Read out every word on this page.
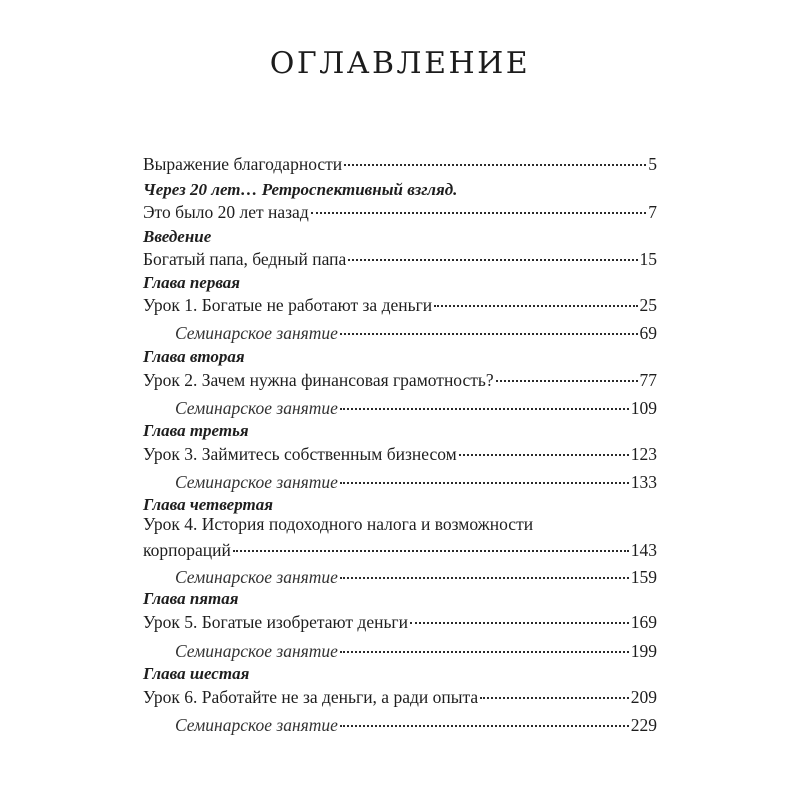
ОГЛАВЛЕНИЕ
Выражение благодарности	5
Через 20 лет… Ретроспективный взгляд.
Это было 20 лет назад	7
Введение
Богатый папа, бедный папа	15
Глава первая
Урок 1. Богатые не работают за деньги	25
Семинарское занятие	69
Глава вторая
Урок 2. Зачем нужна финансовая грамотность?	77
Семинарское занятие	109
Глава третья
Урок 3. Займитесь собственным бизнесом	123
Семинарское занятие	133
Глава четвертая
Урок 4. История подоходного налога и возможности
корпораций	143
Семинарское занятие	159
Глава пятая
Урок 5. Богатые изобретают деньги	169
Семинарское занятие	199
Глава шестая
Урок 6. Работайте не за деньги, а ради опыта	209
Семинарское занятие	229
